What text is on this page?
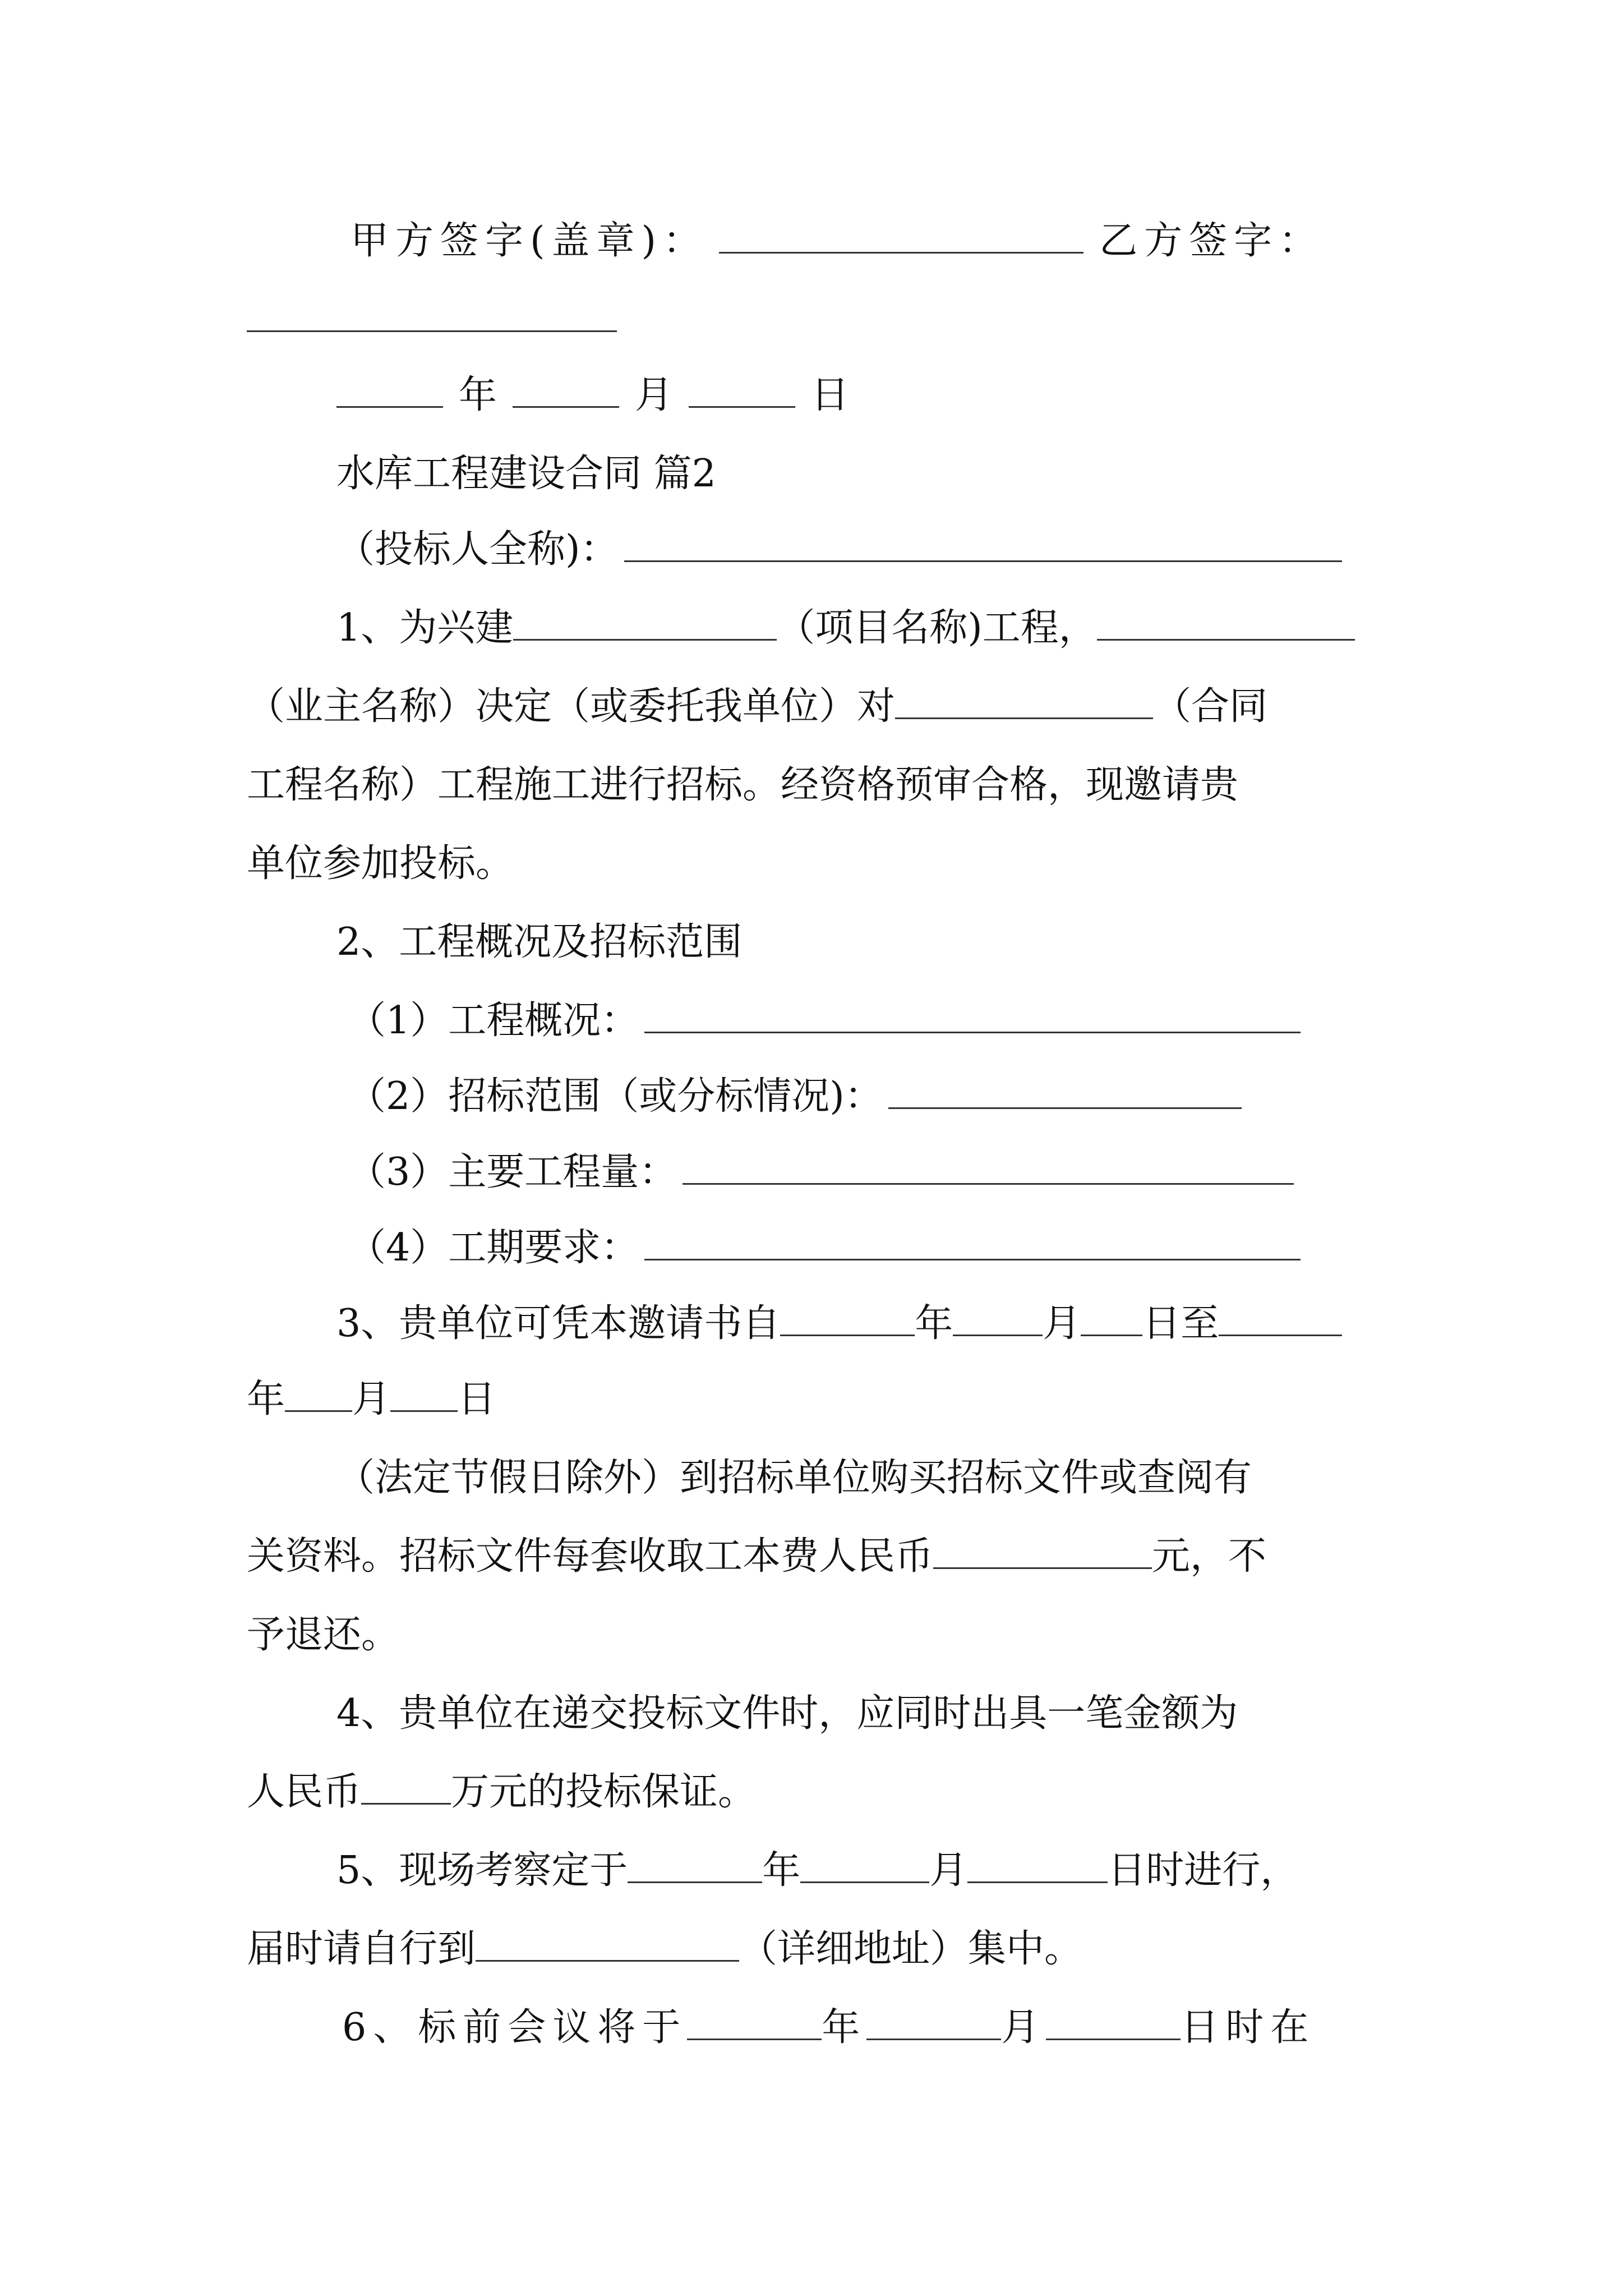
甲方签字(盖章)：	乙方签字：
年	月	日
水库工程建设合同 篇2
（投标人全称)：
1、为兴建	（项目名称)工程，
（业主名称）决定（或委托我单位）对	（合同
工程名称）工程施工进行招标。经资格预审合格，现邀请贵
单位参加投标。
2、工程概况及招标范围
（1）工程概况：
（2）招标范围（或分标情况)：
（3）主要工程量：
（4）工期要求：
3、贵单位可凭本邀请书自	年 月 日至
年 月 日
（法定节假日除外）到招标单位购买招标文件或查阅有
关资料。招标文件每套收取工本费人民币	元，不
予退还。
4、贵单位在递交投标文件时，应同时出具一笔金额为
人民币 万元的投标保证。
5、现场考察定于	年	月	日时进行，
届时请自行到	（详细地址）集中。
6、标前会议将于	年	月	日时在
